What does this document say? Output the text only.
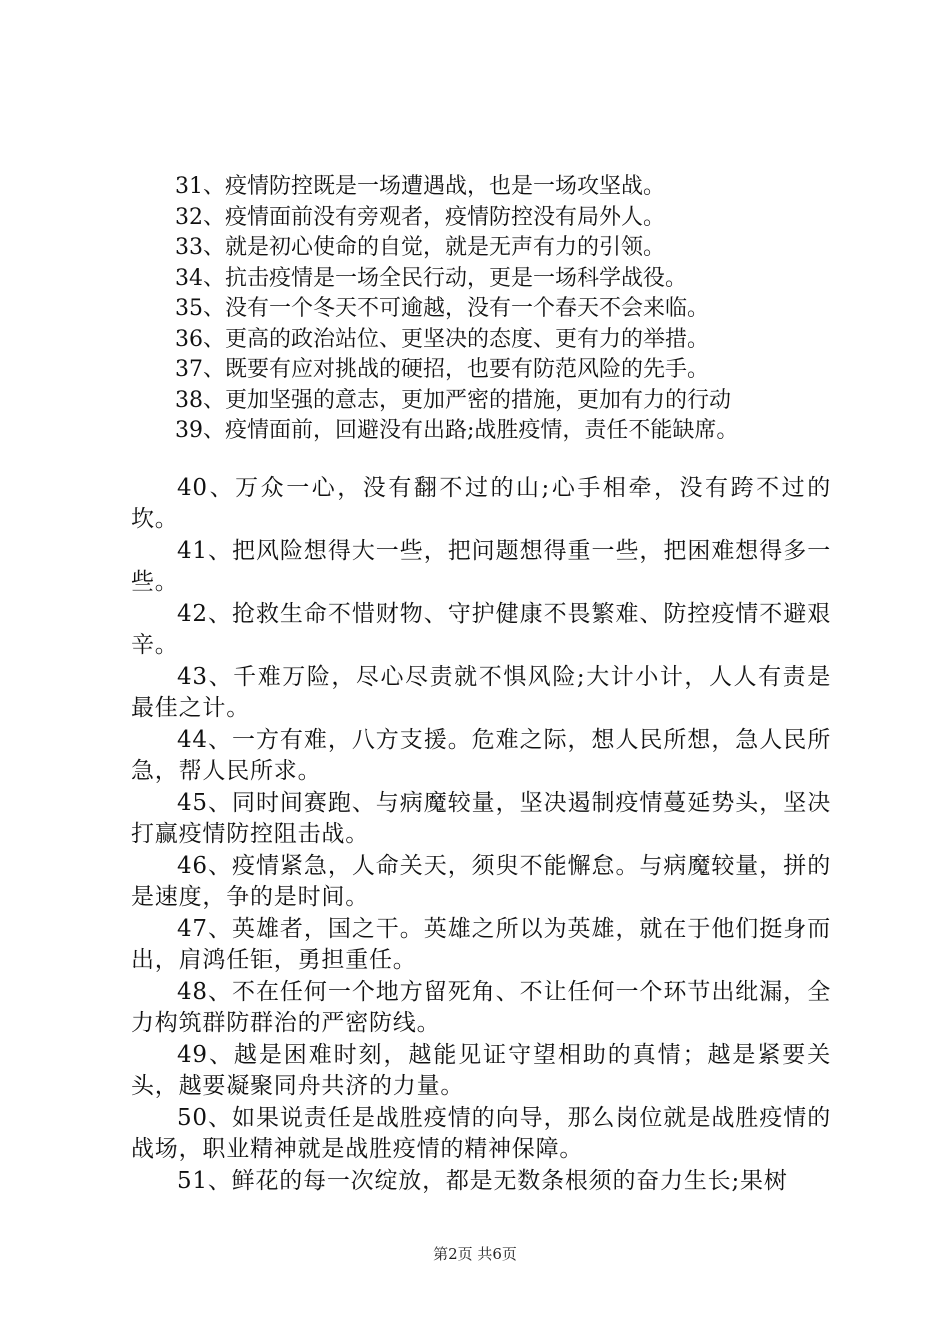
31、疫情防控既是一场遭遇战，也是一场攻坚战。
32、疫情面前没有旁观者，疫情防控没有局外人。
33、就是初心使命的自觉，就是无声有力的引领。
34、抗击疫情是一场全民行动，更是一场科学战役。
35、没有一个冬天不可逾越，没有一个春天不会来临。
36、更高的政治站位、更坚决的态度、更有力的举措。
37、既要有应对挑战的硬招，也要有防范风险的先手。
38、更加坚强的意志，更加严密的措施，更加有力的行动
39、疫情面前，回避没有出路;战胜疫情，责任不能缺席。

40、万众一心，没有翻不过的山;心手相牵，没有跨不过的坎。

41、把风险想得大一些，把问题想得重一些，把困难想得多一些。

42、抢救生命不惜财物、守护健康不畏繁难、防控疫情不避艰辛。

43、千难万险，尽心尽责就不惧风险;大计小计，人人有责是最佳之计。

44、一方有难，八方支援。危难之际，想人民所想，急人民所急，帮人民所求。

45、同时间赛跑、与病魔较量，坚决遏制疫情蔓延势头，坚决打赢疫情防控阻击战。

46、疫情紧急，人命关天，须臾不能懈怠。与病魔较量，拼的是速度，争的是时间。

47、英雄者，国之干。英雄之所以为英雄，就在于他们挺身而出，肩鸿任钜，勇担重任。

48、不在任何一个地方留死角、不让任何一个环节出纰漏，全力构筑群防群治的严密防线。

49、越是困难时刻，越能见证守望相助的真情；越是紧要关头，越要凝聚同舟共济的力量。

50、如果说责任是战胜疫情的向导，那么岗位就是战胜疫情的战场，职业精神就是战胜疫情的精神保障。

51、鲜花的每一次绽放，都是无数条根须的奋力生长;果树

第2页 共6页
